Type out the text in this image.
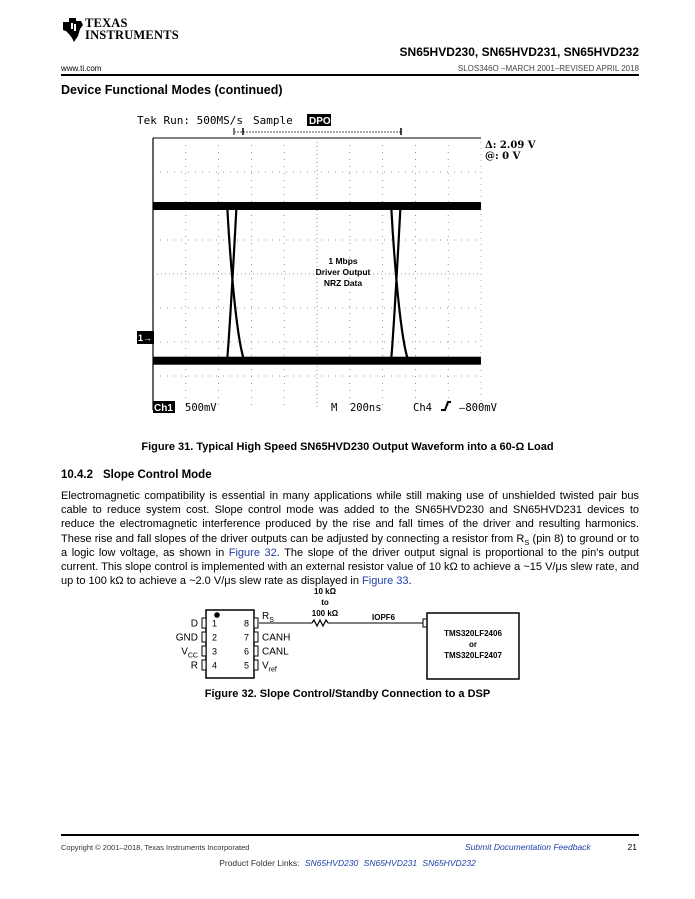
TEXAS
INSTRUMENTS
SN65HVD230, SN65HVD231, SN65HVD232
www.ti.com	SLOS346O –MARCH 2001–REVISED APRIL 2018
Device Functional Modes (continued)
Tek Run: 500MS/s Sample DPO
Δ: 2.09 V
@: 0 V
1 Mbps
Driver Output
NRZ Data
1→
Ch1 500mV	M  200ns	Ch4	–800mV
Figure 31. Typical High Speed SN65HVD230 Output Waveform into a 60-Ω Load
10.4.2 Slope Control Mode
Electromagnetic compatibility is essential in many applications while still making use of unshielded twisted pair bus cable to reduce system cost. Slope control mode was added to the SN65HVD230 and SN65HVD231 devices to reduce the electromagnetic interference produced by the rise and fall times of the driver and resulting harmonics. These rise and fall slopes of the driver outputs can be adjusted by connecting a resistor from $R_S$ (pin 8) to ground or to a logic low voltage, as shown in Figure 32. The slope of the driver output signal is proportional to the pin's output current. This slope control is implemented with an external resistor value of 10 kΩ to achieve a ~15 V/μs slew rate, and up to 100 kΩ to achieve a ~2.0 V/μs slew rate as displayed in Figure 33.
1
D
2
GND
3
$V_{CC}$
4
R
8
$R_S$
7 CANH
6 CANL
5 $V_{ref}$
10 kΩ
to
100 kΩ	IOPF6
TMS320LF2406
or
TMS320LF2407
Figure 32. Slope Control/Standby Connection to a DSP
Copyright © 2001–2018, Texas Instruments Incorporated	Submit Documentation Feedback	21
Product Folder Links: SN65HVD230 SN65HVD231 SN65HVD232
